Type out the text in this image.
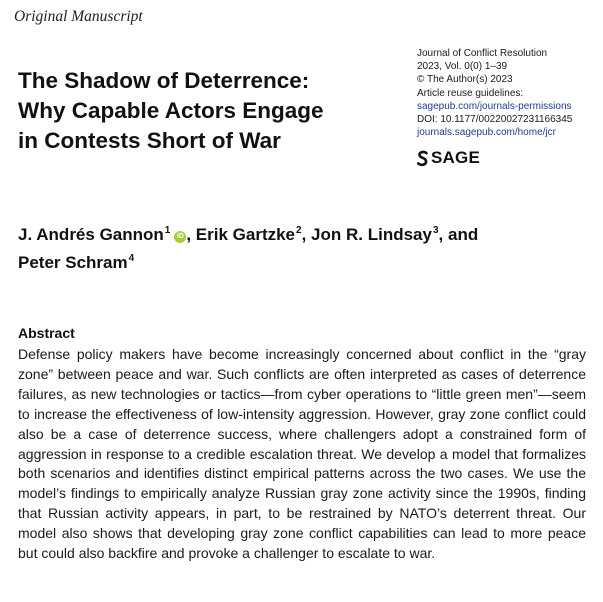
Original Manuscript
The Shadow of Deterrence:
Why Capable Actors Engage
in Contests Short of War
Journal of Conflict Resolution
2023, Vol. 0(0) 1–39
© The Author(s) 2023
Article reuse guidelines:
sagepub.com/journals-permissions
DOI: 10.1177/00220027231166345
journals.sagepub.com/home/jcr
SAGE
J. Andrés Gannon$^1$iD , Erik Gartzke$^2$, Jon R. Lindsay$^3$, and
Peter Schram$^4$
Abstract
Defense policy makers have become increasingly concerned about conflict in the “gray zone” between peace and war. Such conflicts are often interpreted as cases of deterrence failures, as new technologies or tactics—from cyber operations to “little green men”—seem to increase the effectiveness of low-intensity aggression. However, gray zone conflict could also be a case of deterrence success, where challengers adopt a constrained form of aggression in response to a credible escalation threat. We develop a model that formalizes both scenarios and identifies distinct empirical patterns across the two cases. We use the model’s findings to empirically analyze Russian gray zone activity since the 1990s, finding that Russian activity appears, in part, to be restrained by NATO’s deterrent threat. Our model also shows that developing gray zone conflict capabilities can lead to more peace but could also backfire and provoke a challenger to escalate to war.
